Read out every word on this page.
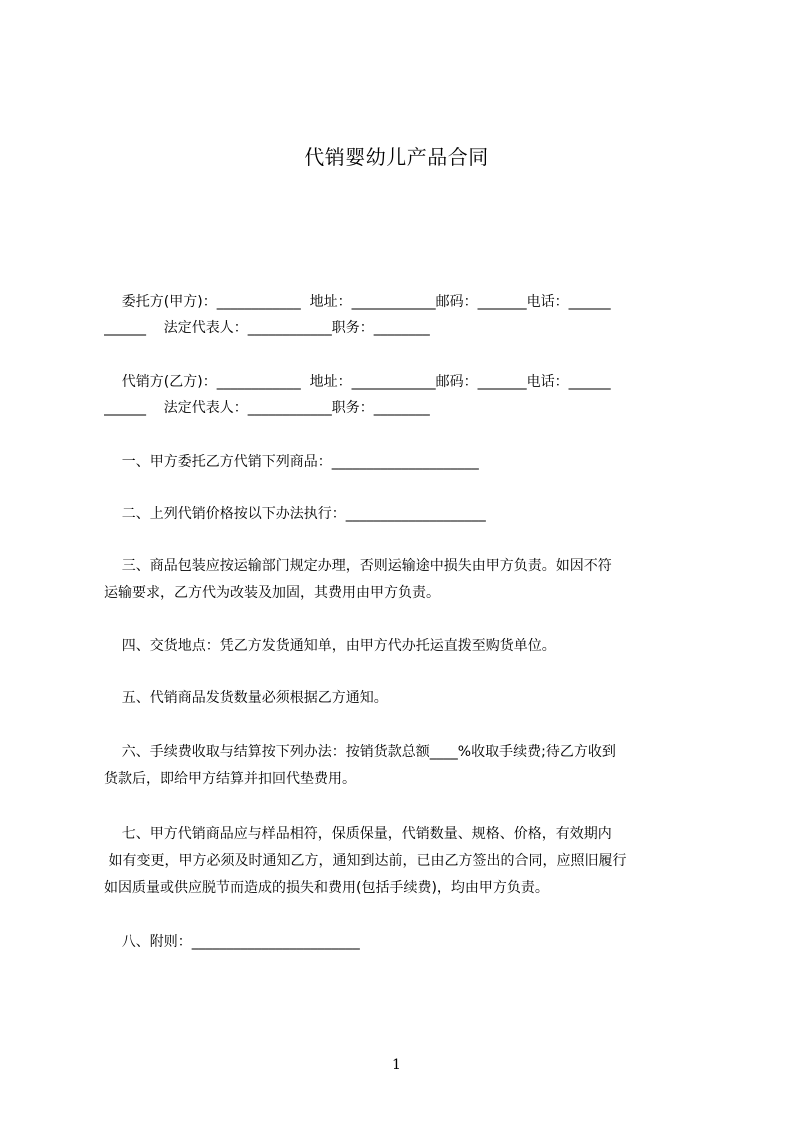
代销婴幼儿产品合同
委托方(甲方)：____________  地址：____________邮码：_______电话：______
______    法定代表人：____________职务：________
代销方(乙方)：____________  地址：____________邮码：_______电话：______
______    法定代表人：____________职务：________
一、甲方委托乙方代销下列商品：_____________________
二、上列代销价格按以下办法执行：____________________
三、商品包装应按运输部门规定办理，否则运输途中损失由甲方负责。如因不符
运输要求，乙方代为改装及加固，其费用由甲方负责。
四、交货地点：凭乙方发货通知单，由甲方代办托运直拨至购货单位。
五、代销商品发货数量必须根据乙方通知。
六、手续费收取与结算按下列办法：按销货款总额____%收取手续费;待乙方收到
货款后，即给甲方结算并扣回代垫费用。
七、甲方代销商品应与样品相符，保质保量，代销数量、规格、价格，有效期内
如有变更，甲方必须及时通知乙方，通知到达前，已由乙方签出的合同，应照旧履行
如因质量或供应脱节而造成的损失和费用(包括手续费)，均由甲方负责。
八、附则：________________________
1
